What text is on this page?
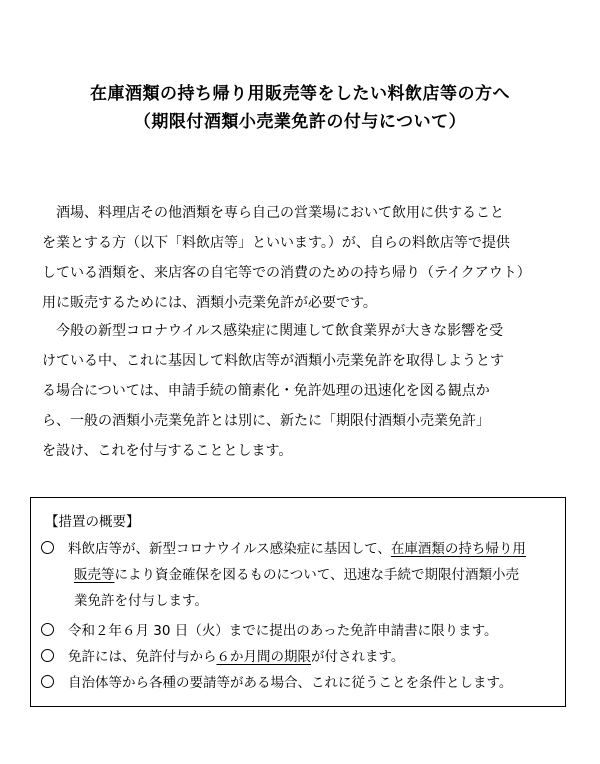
在庫酒類の持ち帰り用販売等をしたい料飲店等の方へ
（期限付酒類小売業免許の付与について）
酒場、料理店その他酒類を専ら自己の営業場において飲用に供すること
を業とする方（以下「料飲店等」といいます。）が、自らの料飲店等で提供
している酒類を、来店客の自宅等での消費のための持ち帰り（テイクアウト）
用に販売するためには、酒類小売業免許が必要です。
今般の新型コロナウイルス感染症に関連して飲食業界が大きな影響を受
けている中、これに基因して料飲店等が酒類小売業免許を取得しようとす
る場合については、申請手続の簡素化・免許処理の迅速化を図る観点か
ら、一般の酒類小売業免許とは別に、新たに「期限付酒類小売業免許」
を設け、これを付与することとします。
【措置の概要】
料飲店等が、新型コロナウイルス感染症に基因して、在庫酒類の持ち帰り用
販売等により資金確保を図るものについて、迅速な手続で期限付酒類小売
業免許を付与します。
令和２年６月 30 日（火）までに提出のあった免許申請書に限ります。
免許には、免許付与から６か月間の期限が付されます。
自治体等から各種の要請等がある場合、これに従うことを条件とします。
